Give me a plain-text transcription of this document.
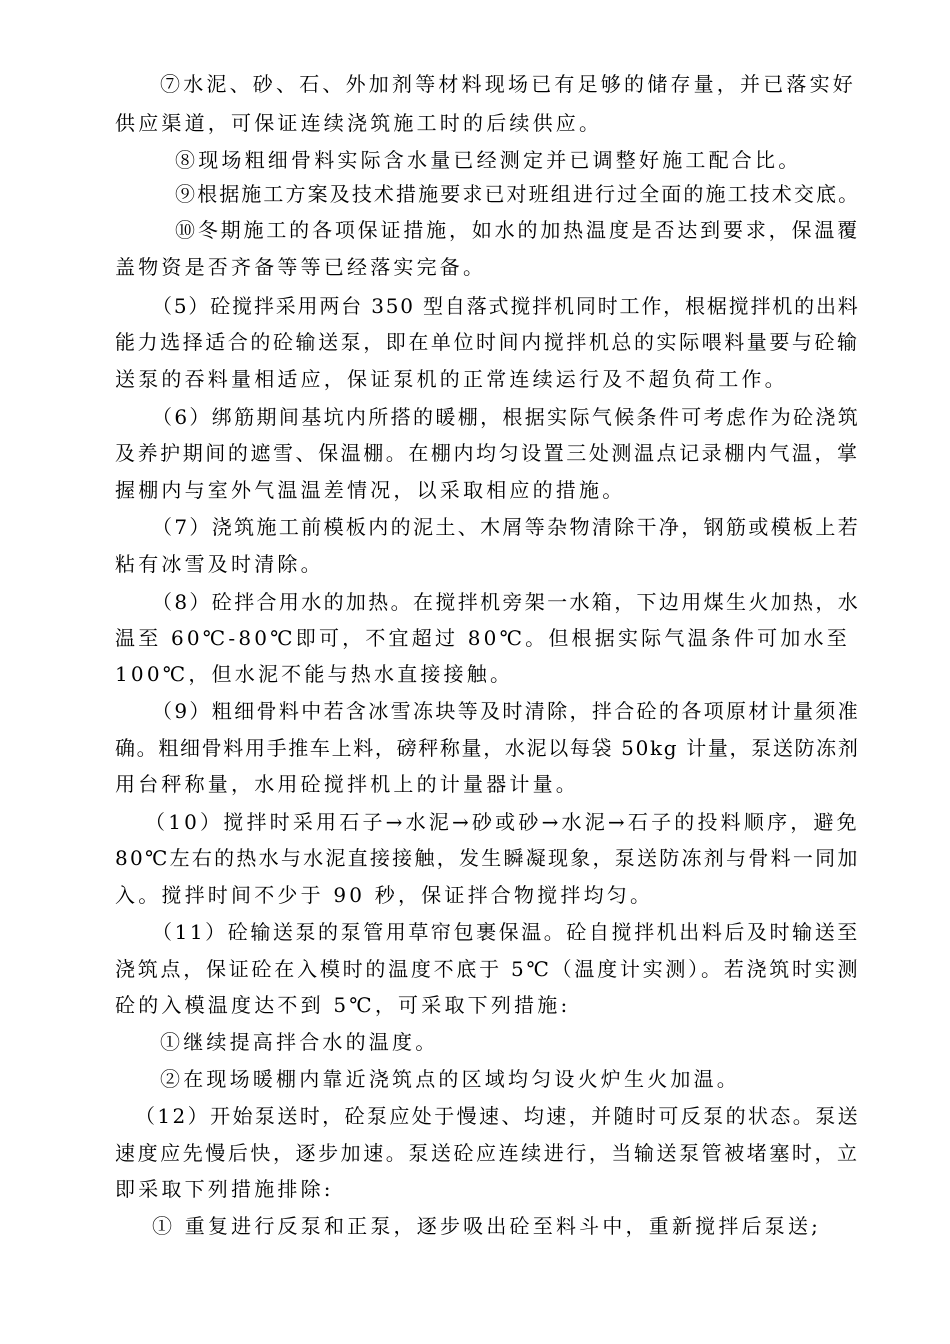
⑦水泥、砂、石、外加剂等材料现场已有足够的储存量，并已落实好

供应渠道，可保证连续浇筑施工时的后续供应。

⑧现场粗细骨料实际含水量已经测定并已调整好施工配合比。

⑨根据施工方案及技术措施要求已对班组进行过全面的施工技术交底。

⑩冬期施工的各项保证措施，如水的加热温度是否达到要求，保温覆

盖物资是否齐备等等已经落实完备。

（5）砼搅拌采用两台 350 型自落式搅拌机同时工作，根椐搅拌机的出料

能力选择适合的砼输送泵，即在单位时间内搅拌机总的实际喂料量要与砼输

送泵的吞料量相适应，保证泵机的正常连续运行及不超负荷工作。

（6）绑筋期间基坑内所搭的暖棚，根据实际气候条件可考虑作为砼浇筑

及养护期间的遮雪、保温棚。在棚内均匀设置三处测温点记录棚内气温，掌

握棚内与室外气温温差情况，以采取相应的措施。

（7）浇筑施工前模板内的泥土、木屑等杂物清除干净，钢筋或模板上若

粘有冰雪及时清除。

（8）砼拌合用水的加热。在搅拌机旁架一水箱，下边用煤生火加热，水

温至 60℃-80℃即可，不宜超过 80℃。但根据实际气温条件可加水至

100℃，但水泥不能与热水直接接触。

（9）粗细骨料中若含冰雪冻块等及时清除，拌合砼的各项原材计量须准

确。粗细骨料用手推车上料，磅秤称量，水泥以每袋 50kg 计量，泵送防冻剂

用台秤称量，水用砼搅拌机上的计量器计量。

（10）搅拌时采用石子→水泥→砂或砂→水泥→石子的投料顺序，避免

80℃左右的热水与水泥直接接触，发生瞬凝现象，泵送防冻剂与骨料一同加

入。搅拌时间不少于 90 秒，保证拌合物搅拌均匀。

（11）砼输送泵的泵管用草帘包裹保温。砼自搅拌机出料后及时输送至

浇筑点，保证砼在入模时的温度不底于 5℃（温度计实测）。若浇筑时实测

砼的入模温度达不到 5℃，可采取下列措施:

①继续提高拌合水的温度。

②在现场暖棚内靠近浇筑点的区域均匀设火炉生火加温。

（12）开始泵送时，砼泵应处于慢速、均速，并随时可反泵的状态。泵送

速度应先慢后快，逐步加速。泵送砼应连续进行，当输送泵管被堵塞时，立

即采取下列措施排除:

① 重复进行反泵和正泵，逐步吸出砼至料斗中，重新搅拌后泵送;
